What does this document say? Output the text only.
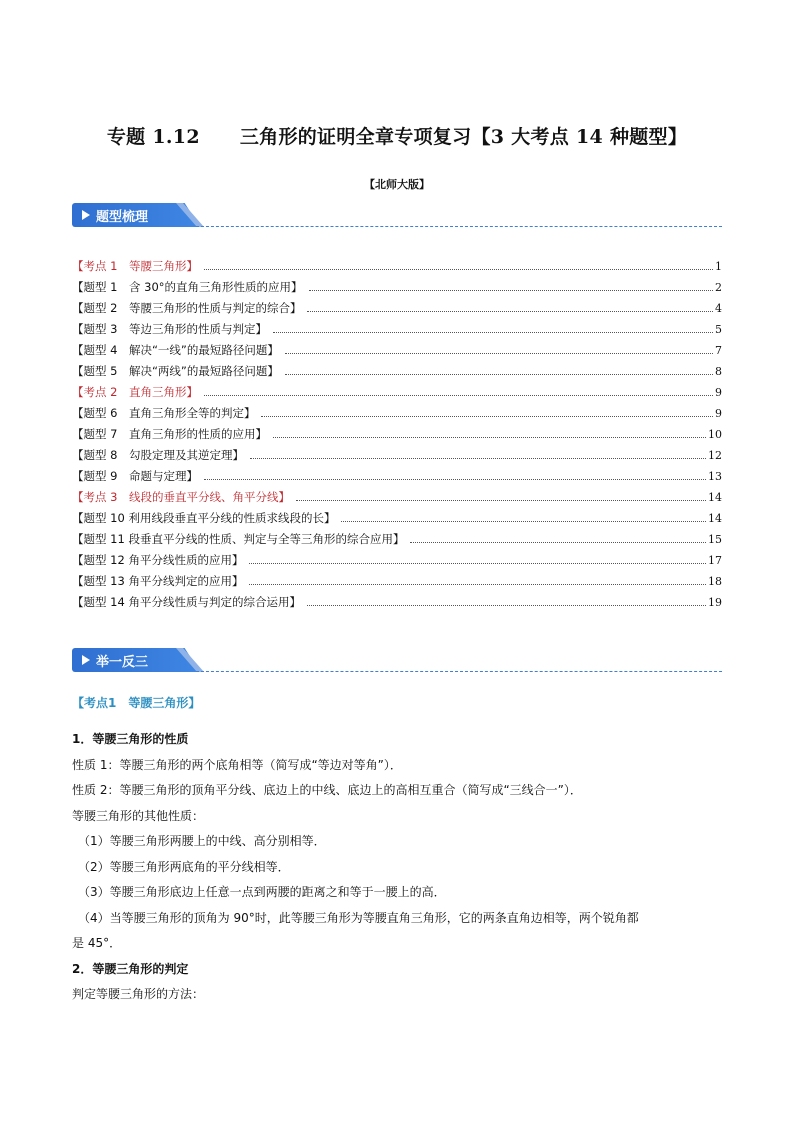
专题 1.12 三角形的证明全章专项复习【3 大考点 14 种题型】
【北师大版】
题型梳理
【考点 1　等腰三角形】	1
【题型 1　含 30°的直角三角形性质的应用】	2
【题型 2　等腰三角形的性质与判定的综合】	4
【题型 3　等边三角形的性质与判定】	5
【题型 4　解决“一线”的最短路径问题】	7
【题型 5　解决“两线”的最短路径问题】	8
【考点 2　直角三角形】	9
【题型 6　直角三角形全等的判定】	9
【题型 7　直角三角形的性质的应用】	10
【题型 8　勾股定理及其逆定理】	12
【题型 9　命题与定理】	13
【考点 3　线段的垂直平分线、角平分线】	14
【题型 10 利用线段垂直平分线的性质求线段的长】	14
【题型 11 段垂直平分线的性质、判定与全等三角形的综合应用】	15
【题型 12 角平分线性质的应用】	17
【题型 13 角平分线判定的应用】	18
【题型 14 角平分线性质与判定的综合运用】	19
举一反三
【考点1　等腰三角形】
1．等腰三角形的性质
性质 1：等腰三角形的两个底角相等（简写成“等边对等角”）．
性质 2：等腰三角形的顶角平分线、底边上的中线、底边上的高相互重合（简写成“三线合一”）．
等腰三角形的其他性质：
（1）等腰三角形两腰上的中线、高分别相等．
（2）等腰三角形两底角的平分线相等．
（3）等腰三角形底边上任意一点到两腰的距离之和等于一腰上的高．
（4）当等腰三角形的顶角为 90°时，此等腰三角形为等腰直角三角形，它的两条直角边相等，两个锐角都
是 45°．
2．等腰三角形的判定
判定等腰三角形的方法：
